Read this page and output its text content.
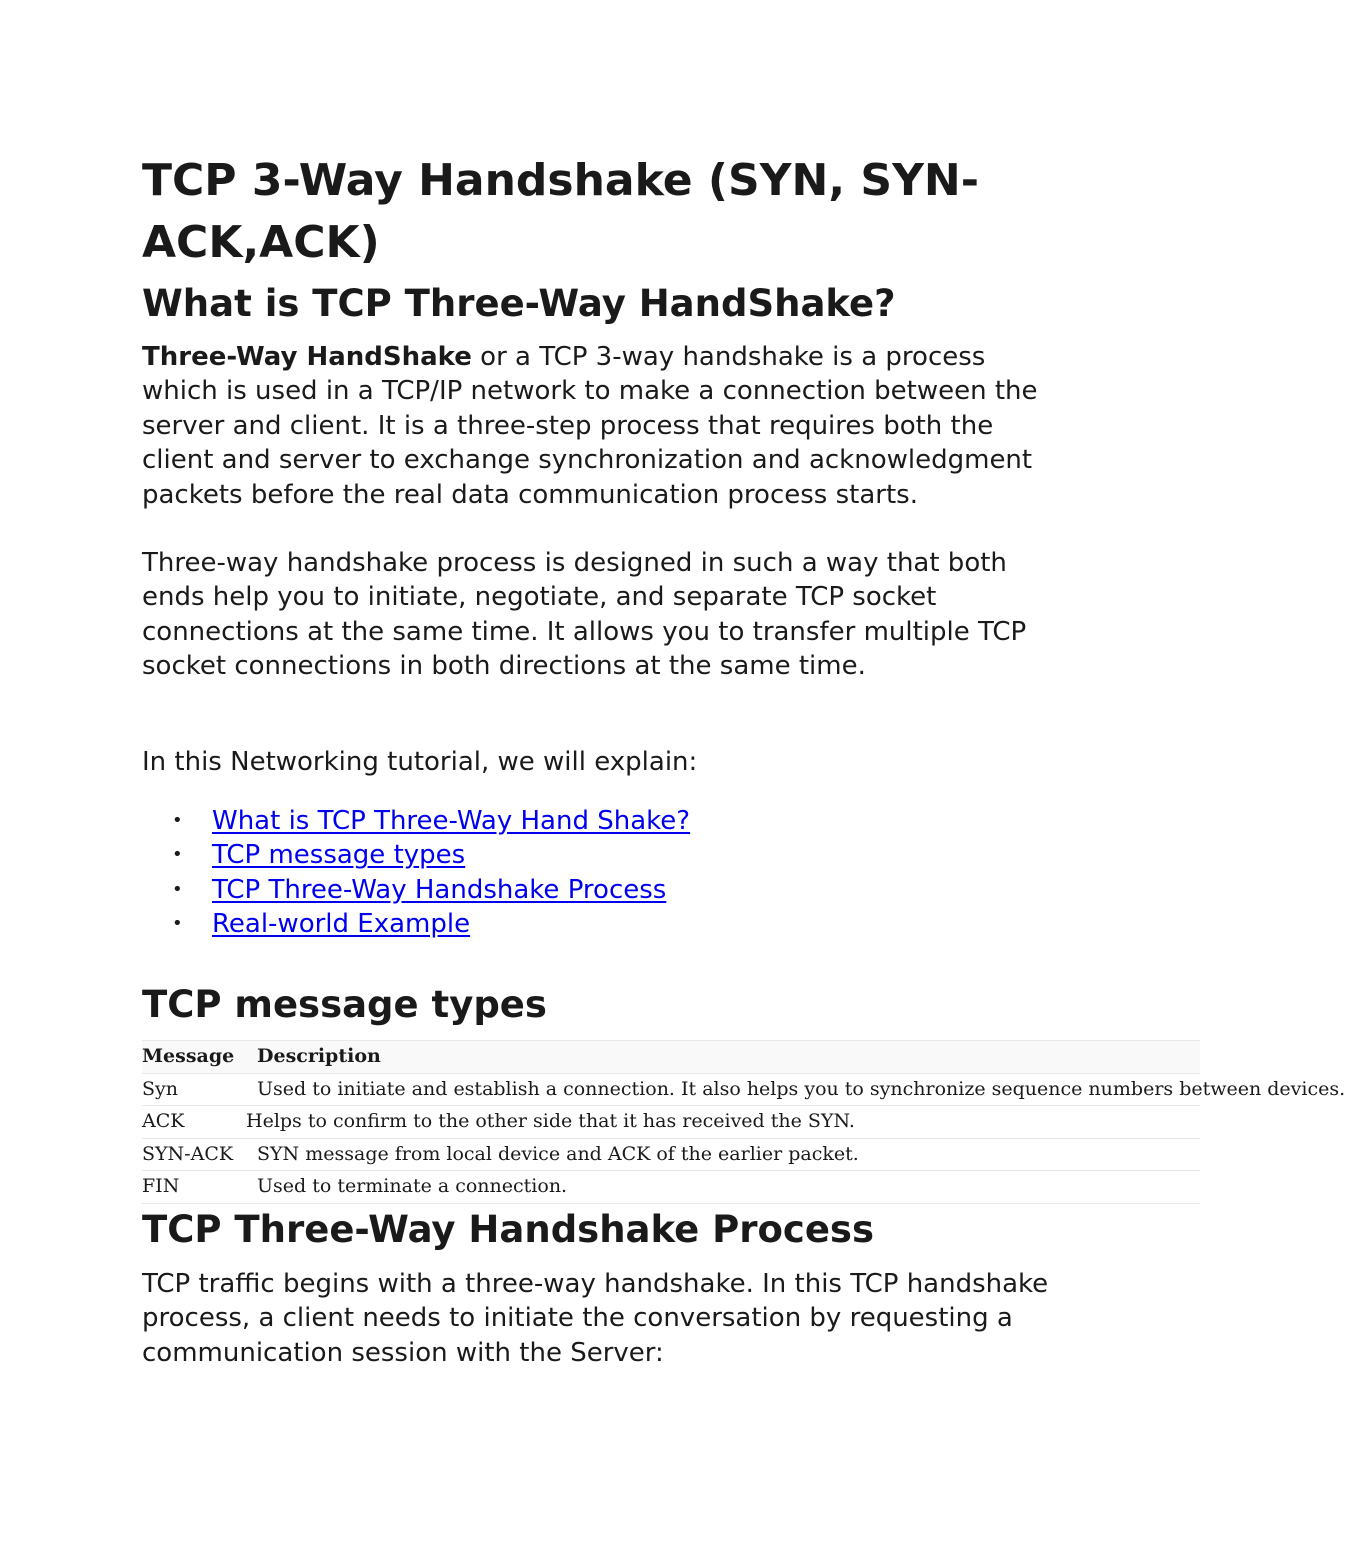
TCP 3-Way Handshake (SYN, SYN-ACK,ACK)
What is TCP Three-Way HandShake?

Three-Way HandShake or a TCP 3-way handshake is a process which is used in a TCP/IP network to make a connection between the server and client. It is a three-step process that requires both the client and server to exchange synchronization and acknowledgment packets before the real data communication process starts.

Three-way handshake process is designed in such a way that both ends help you to initiate, negotiate, and separate TCP socket connections at the same time. It allows you to transfer multiple TCP socket connections in both directions at the same time.

In this Networking tutorial, we will explain:

• What is TCP Three-Way Hand Shake?
• TCP message types
• TCP Three-Way Handshake Process
• Real-world Example
TCP message types
Message Description
Syn	Used to initiate and establish a connection. It also helps you to synchronize sequence numbers between devices.
ACK	Helps to confirm to the other side that it has received the SYN.
SYN-ACK SYN message from local device and ACK of the earlier packet.
FIN	Used to terminate a connection.
TCP Three-Way Handshake Process

TCP traffic begins with a three-way handshake. In this TCP handshake process, a client needs to initiate the conversation by requesting a communication session with the Server:
